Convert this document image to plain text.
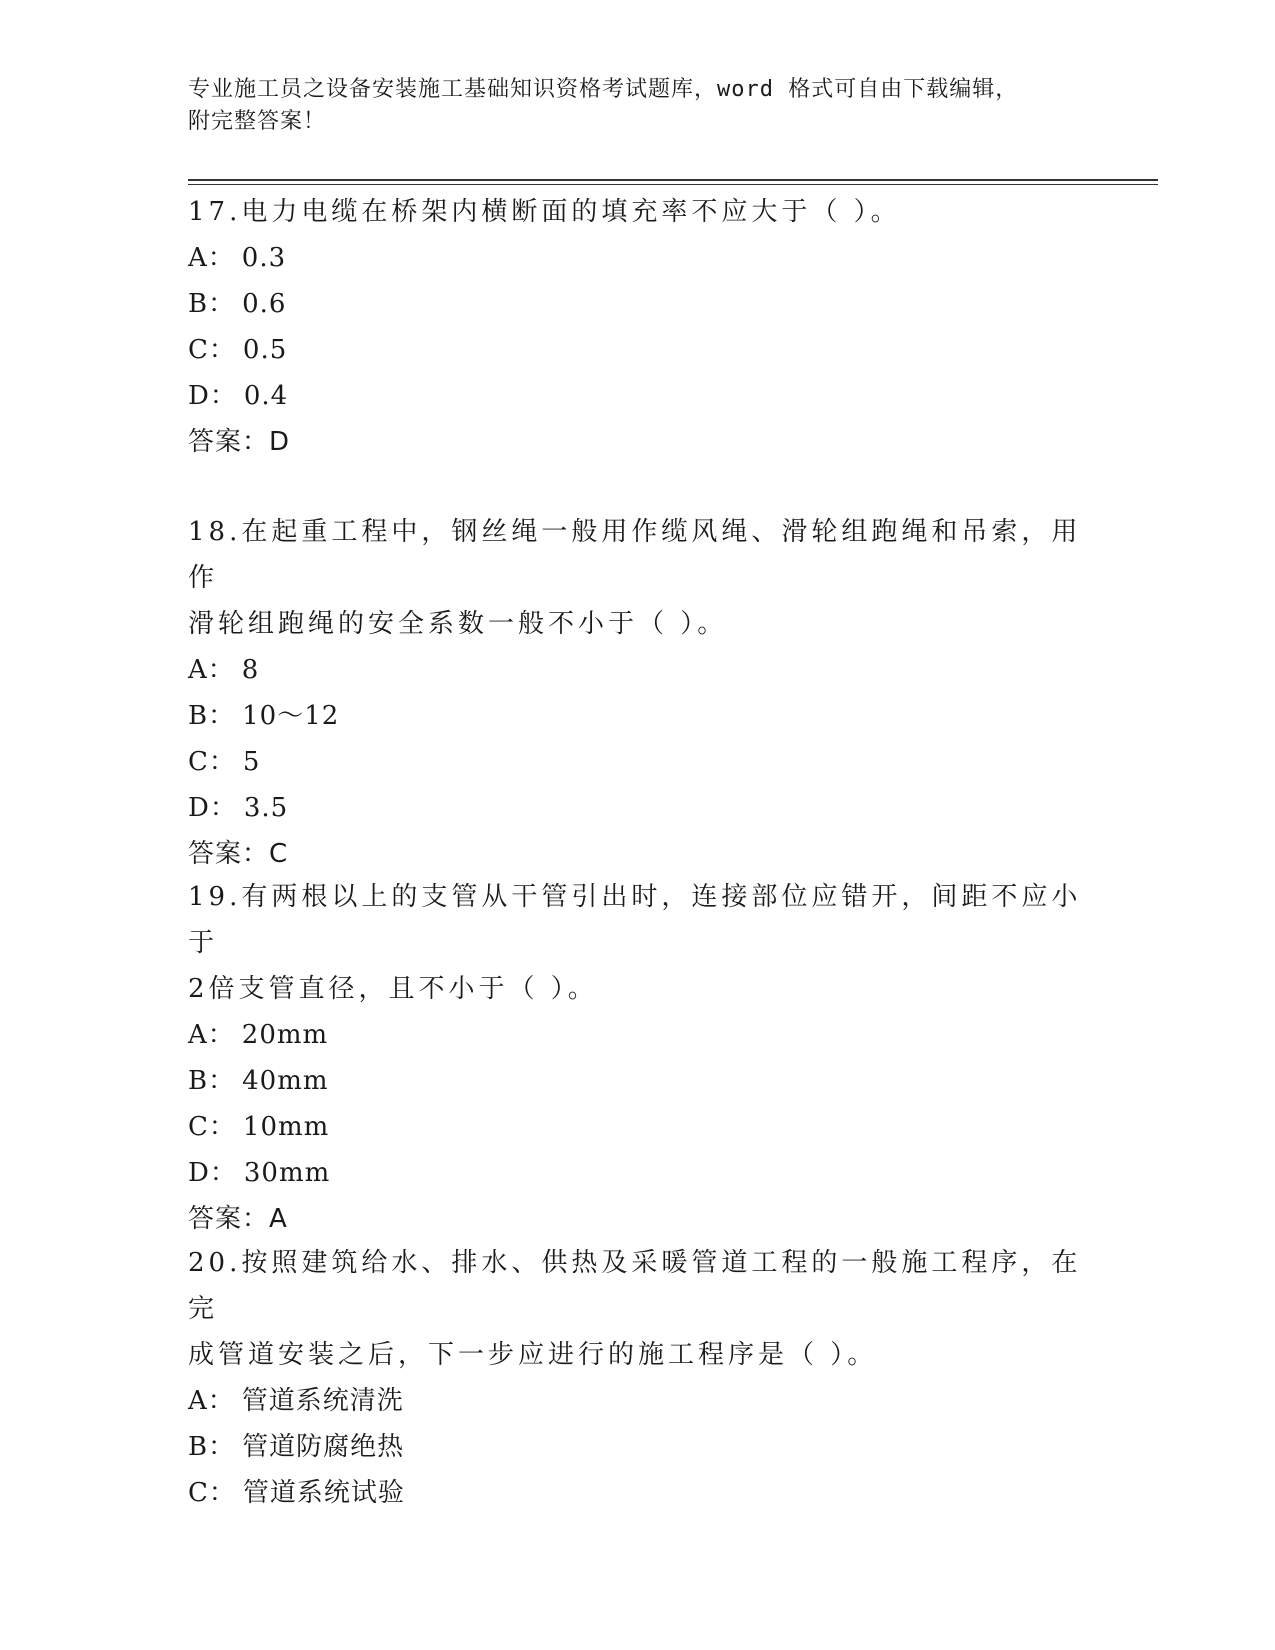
专业施工员之设备安装施工基础知识资格考试题库，word 格式可自由下载编辑，
附完整答案！

17.电力电缆在桥架内横断面的填充率不应大于（ ）。

A： 0.3

B： 0.6

C： 0.5

D： 0.4

答案：D

18.在起重工程中，钢丝绳一般用作缆风绳、滑轮组跑绳和吊索，用作

滑轮组跑绳的安全系数一般不小于（ ）。

A： 8

B： 10～12

C： 5

D： 3.5

答案：C

19.有两根以上的支管从干管引出时，连接部位应错开，间距不应小于

2倍支管直径，且不小于（ ）。

A： 20mm

B： 40mm

C： 10mm

D： 30mm

答案：A

20.按照建筑给水、排水、供热及采暖管道工程的一般施工程序，在完

成管道安装之后，下一步应进行的施工程序是（ ）。

A： 管道系统清洗

B： 管道防腐绝热

C： 管道系统试验
